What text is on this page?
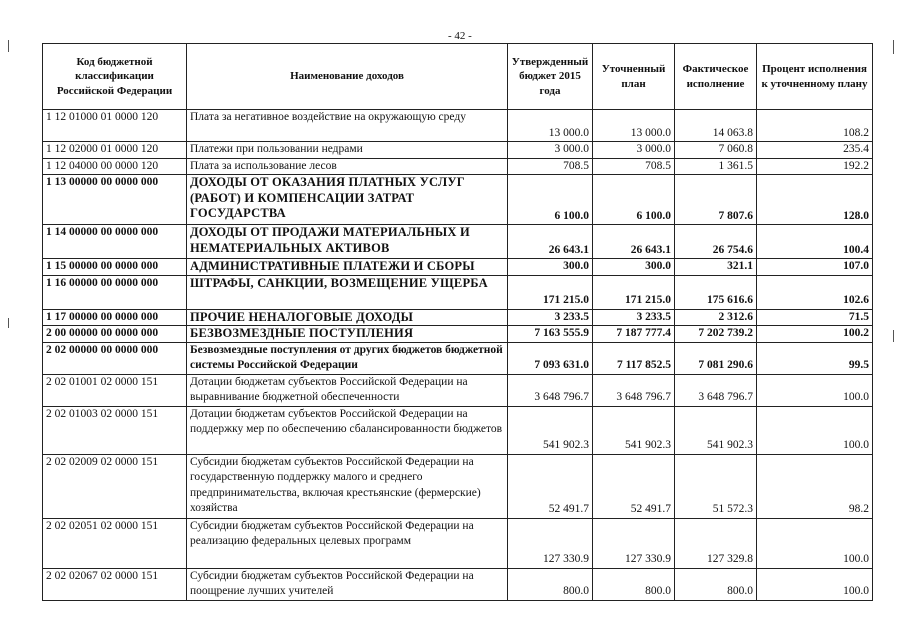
- 42 -
Код бюджетной классификации Российской Федерации	Наименование доходов	Утвержденный бюджет 2015 года	Уточненный план	Фактическое исполнение	Процент исполнения к уточненному плану
1 12 01000 01 0000 120	Плата за негативное воздействие на окружающую среду	13 000.0	13 000.0	14 063.8	108.2
1 12 02000 01 0000 120	Платежи при пользовании недрами	3 000.0	3 000.0	7 060.8	235.4
1 12 04000 00 0000 120	Плата за использование лесов	708.5	708.5	1 361.5	192.2
1 13 00000 00 0000 000	ДОХОДЫ ОТ ОКАЗАНИЯ ПЛАТНЫХ УСЛУГ (РАБОТ) И КОМПЕНСАЦИИ ЗАТРАТ ГОСУДАРСТВА	6 100.0	6 100.0	7 807.6	128.0
1 14 00000 00 0000 000	ДОХОДЫ ОТ ПРОДАЖИ МАТЕРИАЛЬНЫХ И НЕМАТЕРИАЛЬНЫХ АКТИВОВ	26 643.1	26 643.1	26 754.6	100.4
1 15 00000 00 0000 000	АДМИНИСТРАТИВНЫЕ ПЛАТЕЖИ И СБОРЫ	300.0	300.0	321.1	107.0
1 16 00000 00 0000 000	ШТРАФЫ, САНКЦИИ, ВОЗМЕЩЕНИЕ УЩЕРБА	171 215.0	171 215.0	175 616.6	102.6
1 17 00000 00 0000 000	ПРОЧИЕ НЕНАЛОГОВЫЕ ДОХОДЫ	3 233.5	3 233.5	2 312.6	71.5
2 00 00000 00 0000 000	БЕЗВОЗМЕЗДНЫЕ ПОСТУПЛЕНИЯ	7 163 555.9	7 187 777.4	7 202 739.2	100.2
2 02 00000 00 0000 000	Безвозмездные поступления от других бюджетов бюджетной системы Российской Федерации	7 093 631.0	7 117 852.5	7 081 290.6	99.5
2 02 01001 02 0000 151	Дотации бюджетам субъектов Российской Федерации на выравнивание бюджетной обеспеченности	3 648 796.7	3 648 796.7	3 648 796.7	100.0
2 02 01003 02 0000 151	Дотации бюджетам субъектов Российской Федерации на поддержку мер по обеспечению сбалансированности бюджетов	541 902.3	541 902.3	541 902.3	100.0
2 02 02009 02 0000 151	Субсидии бюджетам субъектов Российской Федерации на государственную поддержку малого и среднего предпринимательства, включая крестьянские (фермерские) хозяйства	52 491.7	52 491.7	51 572.3	98.2
2 02 02051 02 0000 151	Субсидии бюджетам субъектов Российской Федерации на реализацию федеральных целевых программ	127 330.9	127 330.9	127 329.8	100.0
2 02 02067 02 0000 151	Субсидии бюджетам субъектов Российской Федерации на поощрение лучших учителей	800.0	800.0	800.0	100.0
